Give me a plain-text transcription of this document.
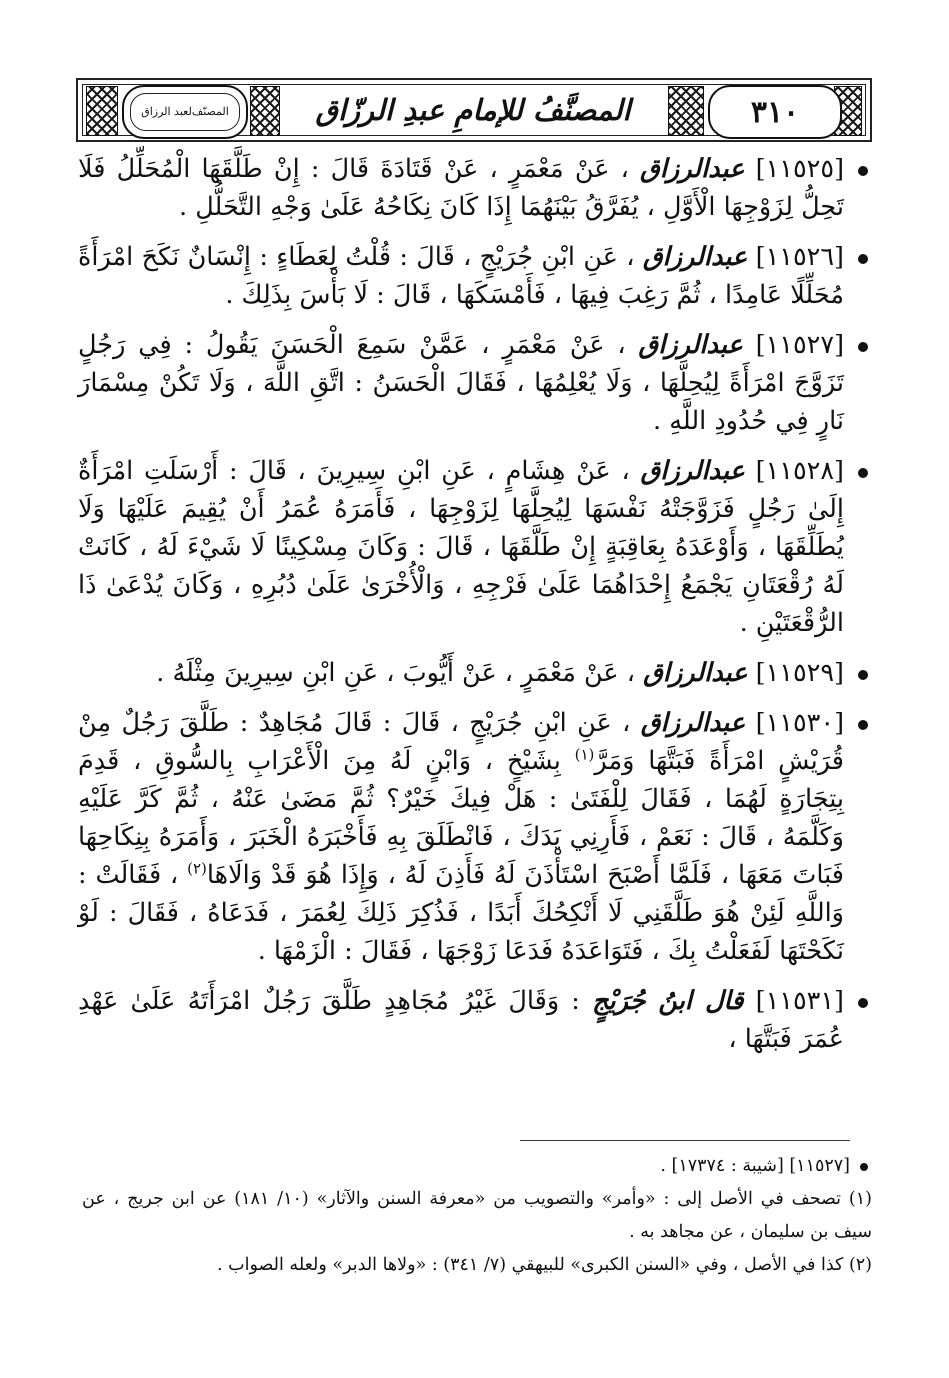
المصنّف

لعبد الرزاق	المصنَّفُ للإمامِ عبدِ الرزّاق	٣١٠

[١١٥٢٥] عبدالرزاق ، عَنْ مَعْمَرٍ ، عَنْ قَتَادَةَ قَالَ : إِنْ طَلَّقَهَا الْمُحَلِّلُ فَلَا تَحِلُّ لِزَوْجِهَا الْأَوَّلِ ، يُفَرَّقُ بَيْنَهُمَا إِذَا كَانَ نِكَاحُهُ عَلَىٰ وَجْهِ التَّحَلُّلِ .

[١١٥٢٦] عبدالرزاق ، عَنِ ابْنِ جُرَيْجٍ ، قَالَ : قُلْتُ لِعَطَاءٍ : إِنْسَانٌ نَكَحَ امْرَأَةً مُحَلِّلًا عَامِدًا ، ثُمَّ رَغِبَ فِيهَا ، فَأَمْسَكَهَا ، قَالَ : لَا بَأْسَ بِذَلِكَ .

[١١٥٢٧] عبدالرزاق ، عَنْ مَعْمَرٍ ، عَمَّنْ سَمِعَ الْحَسَنَ يَقُولُ : فِي رَجُلٍ تَزَوَّجَ امْرَأَةً لِيُحِلَّهَا ، وَلَا يُعْلِمُهَا ، فَقَالَ الْحَسَنُ : اتَّقِ اللَّهَ ، وَلَا تَكُنْ مِسْمَارَ نَارٍ فِي حُدُودِ اللَّهِ .

[١١٥٢٨] عبدالرزاق ، عَنْ هِشَامٍ ، عَنِ ابْنِ سِيرِينَ ، قَالَ : أَرْسَلَتِ امْرَأَةٌ إِلَىٰ رَجُلٍ فَزَوَّجَتْهُ نَفْسَهَا لِيُحِلَّهَا لِزَوْجِهَا ، فَأَمَرَهُ عُمَرُ أَنْ يُقِيمَ عَلَيْهَا وَلَا يُطَلِّقَهَا ، وَأَوْعَدَهُ بِعَاقِبَةٍ إِنْ طَلَّقَهَا ، قَالَ : وَكَانَ مِسْكِينًا لَا شَيْءَ لَهُ ، كَانَتْ لَهُ رُقْعَتَانِ يَجْمَعُ إِحْدَاهُمَا عَلَىٰ فَرْجِهِ ، وَالْأُخْرَىٰ عَلَىٰ دُبُرِهِ ، وَكَانَ يُدْعَىٰ ذَا الرُّقْعَتَيْنِ .

[١١٥٢٩] عبدالرزاق ، عَنْ مَعْمَرٍ ، عَنْ أَيُّوبَ ، عَنِ ابْنِ سِيرِينَ مِثْلَهُ .

[١١٥٣٠] عبدالرزاق ، عَنِ ابْنِ جُرَيْجٍ ، قَالَ : قَالَ مُجَاهِدٌ : طَلَّقَ رَجُلٌ مِنْ قُرَيْشٍ امْرَأَةً فَبَتَّهَا وَمَرَّ$^{(١)}$ بِشَيْخٍ ، وَابْنٍ لَهُ مِنَ الْأَعْرَابِ بِالسُّوقِ ، قَدِمَ بِتِجَارَةٍ لَهُمَا ، فَقَالَ لِلْفَتَىٰ : هَلْ فِيكَ خَيْرٌ؟ ثُمَّ مَضَىٰ عَنْهُ ، ثُمَّ كَرَّ عَلَيْهِ وَكَلَّمَهُ ، قَالَ : نَعَمْ ، فَأَرِنِي يَدَكَ ، فَانْطَلَقَ بِهِ فَأَخْبَرَهُ الْخَبَرَ ، وَأَمَرَهُ بِنِكَاحِهَا فَبَاتَ مَعَهَا ، فَلَمَّا أَصْبَحَ اسْتَأْذَنَ لَهُ فَأَذِنَ لَهُ ، وَإِذَا هُوَ قَدْ وَالَاهَا$^{(٢)}$ ، فَقَالَتْ : وَاللَّهِ لَئِنْ هُوَ طَلَّقَنِي لَا أَنْكِحُكَ أَبَدًا ، فَذُكِرَ ذَلِكَ لِعُمَرَ ، فَدَعَاهُ ، فَقَالَ : لَوْ نَكَحْتَهَا لَفَعَلْتُ بِكَ ، فَتَوَاعَدَهُ فَدَعَا زَوْجَهَا ، فَقَالَ : الْزَمْهَا .

[١١٥٣١] قال ابنُ جُرَيْجٍ : وَقَالَ غَيْرُ مُجَاهِدٍ طَلَّقَ رَجُلٌ امْرَأَتَهُ عَلَىٰ عَهْدِ عُمَرَ فَبَتَّهَا ،

[١١٥٢٧] [شيبة : ١٧٣٧٤] .

(١) تصحف في الأصل إلى : «وأمر» والتصويب من «معرفة السنن والآثار» (١٠/ ١٨١) عن ابن جريج ، عن سيف بن سليمان ، عن مجاهد به .

(٢) كذا في الأصل ، وفي «السنن الكبرى» للبيهقي (٧/ ٣٤١) : «ولاها الدبر» ولعله الصواب .
